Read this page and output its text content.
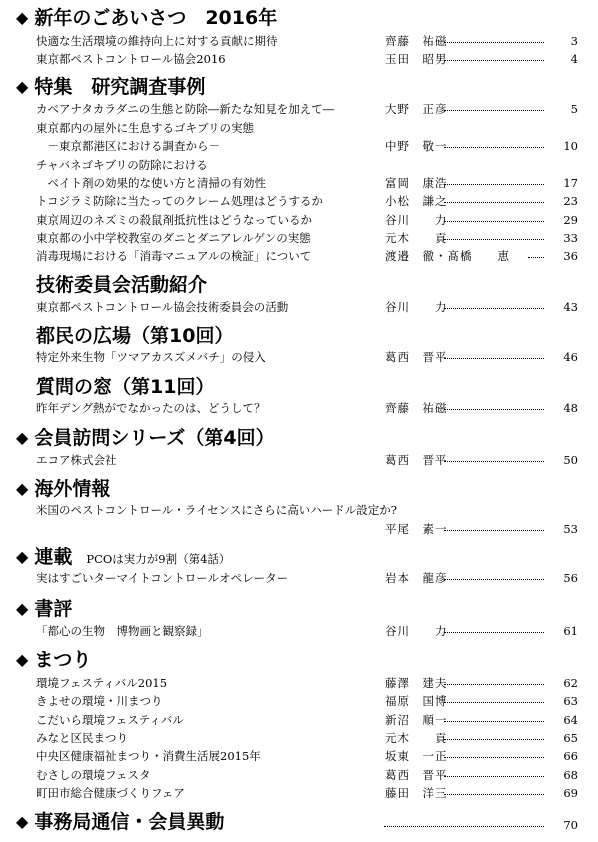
◆ 新年のごあいさつ　2016年
快適な生活環境の維持向上に対する貢献に期待	齊藤　祐磁	3
東京都ペストコントロール協会2016	玉田　昭男	4
◆ 特集　研究調査事例
カベアナタカラダニの生態と防除―新たな知見を加えて―	大野　正彦	5
東京都内の屋外に生息するゴキブリの実態
　－東京都港区における調査から－	中野　敬一	10
チャバネゴキブリの防除における
　ベイト剤の効果的な使い方と清掃の有効性	富岡　康浩	17
トコジラミ防除に当たってのクレーム処理はどうするか	小松　謙之	23
東京周辺のネズミの殺鼠剤抵抗性はどうなっているか	谷川　　力	29
東京都の小中学校教室のダニとダニアレルゲンの実態	元木　　貢	33
消毒現場における「消毒マニュアルの検証」について	渡邉　徹・髙橋　　恵	36
技術委員会活動紹介
東京都ペストコントロール協会技術委員会の活動	谷川　　力	43
都民の広場（第10回）
特定外来生物「ツマアカスズメバチ」の侵入	葛西　晋平	46
質問の窓（第11回）
昨年デング熱がでなかったのは、どうして？	齊藤　祐磁	48
◆ 会員訪問シリーズ（第4回）
エコア株式会社	葛西　晋平	50
◆ 海外情報
米国のペストコントロール・ライセンスにさらに高いハードル設定か?
平尾　素一	53
◆ 連載 PCOは実力が9割（第4話）
実はすごいターマイトコントロールオペレーター	岩本　龍彦	56
◆ 書評
「都心の生物　博物画と観察録」	谷川　　力	61
◆ まつり
環境フェスティバル2015	藤澤　建夫	62
きよせの環境・川まつり	福原　国博	63
こだいら環境フェスティバル	新沼　順一	64
みなと区民まつり	元木　　貢	65
中央区健康福祉まつり・消費生活展2015年	坂東　一正	66
むさしの環境フェスタ	葛西　晋平	68
町田市総合健康づくりフェア	藤田　洋三	69
◆ 事務局通信・会員異動	70
